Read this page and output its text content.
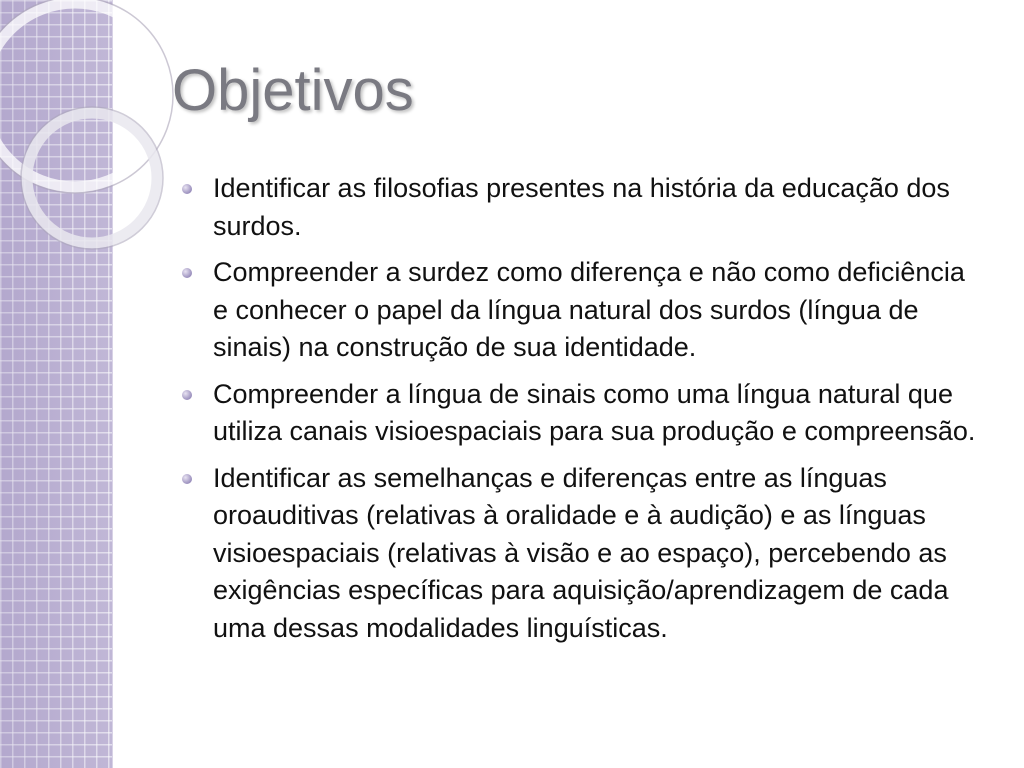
Objetivos
Identificar as filosofias presentes na história da educação dos surdos.
Compreender a surdez como diferença e não como deficiência e conhecer o papel da língua natural dos surdos (língua de sinais) na construção de sua identidade.
Compreender a língua de sinais como uma língua natural que utiliza canais visioespaciais para sua produção e compreensão.
Identificar as semelhanças e diferenças entre as línguas oroauditivas (relativas à oralidade e à audição) e as línguas visioespaciais (relativas à visão e ao espaço), percebendo as exigências específicas para aquisição/aprendizagem de cada uma dessas modalidades linguísticas.
